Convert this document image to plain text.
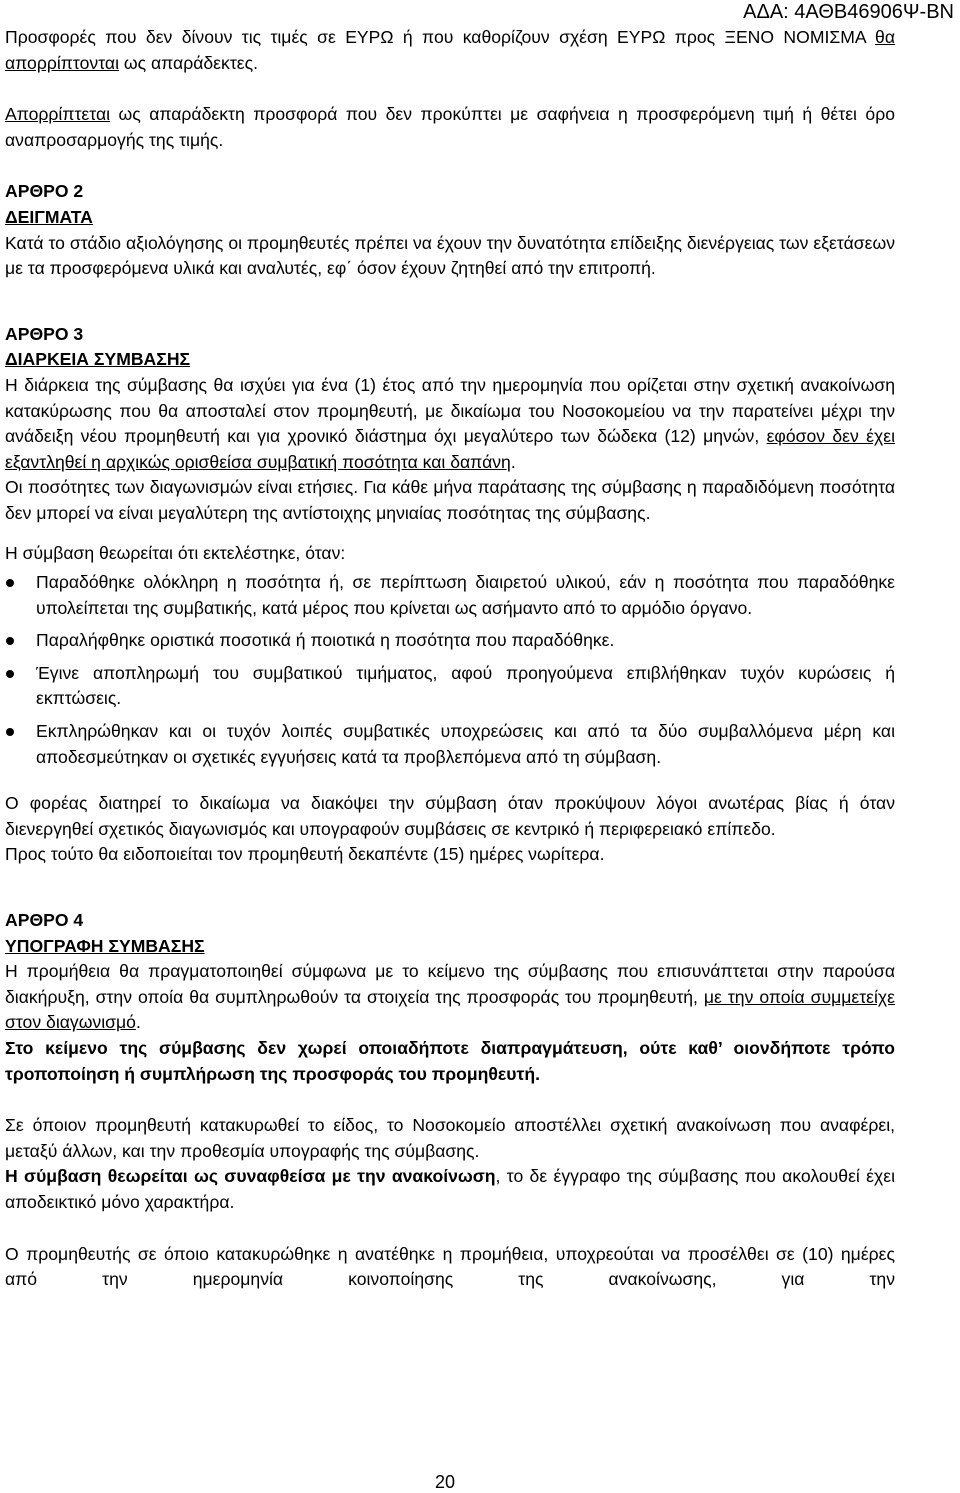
ΑΔΑ: 4ΑΘΒ46906Ψ-ΒΝ

Προσφορές που δεν δίνουν τις τιμές σε ΕΥΡΩ ή που καθορίζουν σχέση ΕΥΡΩ προς ΞΕΝΟ ΝΟΜΙΣΜΑ θα απορρίπτονται ως απαράδεκτες.

Απορρίπτεται ως απαράδεκτη προσφορά που δεν προκύπτει με σαφήνεια η προσφερόμενη τιμή ή θέτει όρο αναπροσαρμογής της τιμής.

ΑΡΘΡΟ 2
ΔΕΙΓΜΑΤΑ

Κατά το στάδιο αξιολόγησης οι προμηθευτές πρέπει να έχουν την δυνατότητα επίδειξης διενέργειας των εξετάσεων με τα προσφερόμενα υλικά και αναλυτές, εφ΄ όσον έχουν ζητηθεί από την επιτροπή.

ΑΡΘΡΟ 3
ΔΙΑΡΚΕΙΑ ΣΥΜΒΑΣΗΣ

Η διάρκεια της σύμβασης θα ισχύει για ένα (1) έτος από την ημερομηνία που ορίζεται στην σχετική ανακοίνωση κατακύρωσης που θα αποσταλεί στον προμηθευτή, με δικαίωμα του Νοσοκομείου να την παρατείνει μέχρι την ανάδειξη νέου προμηθευτή και για χρονικό διάστημα όχι μεγαλύτερο των δώδεκα (12) μηνών, εφόσον δεν έχει εξαντληθεί η αρχικώς ορισθείσα συμβατική ποσότητα και δαπάνη.

Οι ποσότητες των διαγωνισμών είναι ετήσιες. Για κάθε μήνα παράτασης της σύμβασης η παραδιδόμενη ποσότητα δεν μπορεί να είναι μεγαλύτερη της αντίστοιχης μηνιαίας ποσότητας της σύμβασης.

Η σύμβαση θεωρείται ότι εκτελέστηκε, όταν:

Παραδόθηκε ολόκληρη η ποσότητα ή, σε περίπτωση διαιρετού υλικού, εάν η ποσότητα που παραδόθηκε υπολείπεται της συμβατικής, κατά μέρος που κρίνεται ως ασήμαντο από το αρμόδιο όργανο.
Παραλήφθηκε οριστικά ποσοτικά ή ποιοτικά η ποσότητα που παραδόθηκε.
Έγινε αποπληρωμή του συμβατικού τιμήματος, αφού προηγούμενα επιβλήθηκαν τυχόν κυρώσεις ή εκπτώσεις.
Εκπληρώθηκαν και οι τυχόν λοιπές συμβατικές υποχρεώσεις και από τα δύο συμβαλλόμενα μέρη και αποδεσμεύτηκαν οι σχετικές εγγυήσεις κατά τα προβλεπόμενα από τη σύμβαση.

Ο φορέας διατηρεί το δικαίωμα να διακόψει την σύμβαση όταν προκύψουν λόγοι ανωτέρας βίας ή όταν διενεργηθεί σχετικός διαγωνισμός και υπογραφούν συμβάσεις σε κεντρικό ή περιφερειακό επίπεδο.

Προς τούτο θα ειδοποιείται τον προμηθευτή δεκαπέντε (15) ημέρες νωρίτερα.

ΑΡΘΡΟ 4
ΥΠΟΓΡΑΦΗ ΣΥΜΒΑΣΗΣ

Η προμήθεια θα πραγματοποιηθεί σύμφωνα με το κείμενο της σύμβασης που επισυνάπτεται στην παρούσα διακήρυξη, στην οποία θα συμπληρωθούν τα στοιχεία της προσφοράς του προμηθευτή, με την οποία συμμετείχε στον διαγωνισμό.

Στο κείμενο της σύμβασης δεν χωρεί οποιαδήποτε διαπραγμάτευση, ούτε καθ’ οιονδήποτε τρόπο τροποποίηση ή συμπλήρωση της προσφοράς του προμηθευτή.

Σε όποιον προμηθευτή κατακυρωθεί το είδος, το Νοσοκομείο αποστέλλει σχετική ανακοίνωση που αναφέρει, μεταξύ άλλων, και την προθεσμία υπογραφής της σύμβασης.

Η σύμβαση θεωρείται ως συναφθείσα με την ανακοίνωση, το δε έγγραφο της σύμβασης που ακολουθεί έχει αποδεικτικό μόνο χαρακτήρα.

Ο προμηθευτής σε όποιο κατακυρώθηκε η ανατέθηκε η προμήθεια, υποχρεούται να προσέλθει σε (10) ημέρες από την ημερομηνία κοινοποίησης της ανακοίνωσης, για την

20
